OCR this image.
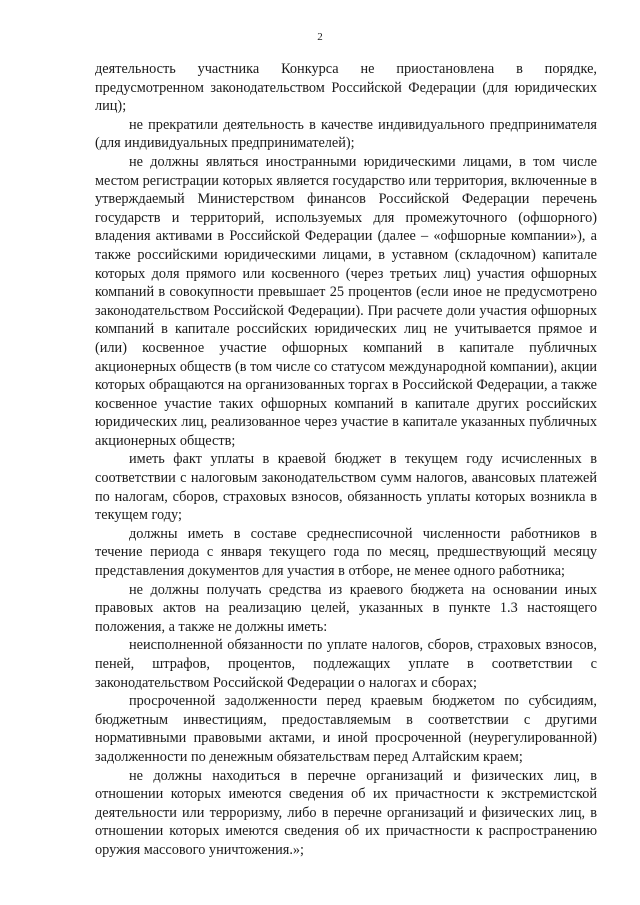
2

деятельность участника Конкурса не приостановлена в порядке, предусмотренном законодательством Российской Федерации (для юридических лиц);

не прекратили деятельность в качестве индивидуального предпринимателя (для индивидуальных предпринимателей);

не должны являться иностранными юридическими лицами, в том числе местом регистрации которых является государство или территория, включенные в утверждаемый Министерством финансов Российской Федерации перечень государств и территорий, используемых для промежуточного (офшорного) владения активами в Российской Федерации (далее – «офшорные компании»), а также российскими юридическими лицами, в уставном (складочном) капитале которых доля прямого или косвенного (через третьих лиц) участия офшорных компаний в совокупности превышает 25 процентов (если иное не предусмотрено законодательством Российской Федерации). При расчете доли участия офшорных компаний в капитале российских юридических лиц не учитывается прямое и (или) косвенное участие офшорных компаний в капитале публичных акционерных обществ (в том числе со статусом международной компании), акции которых обращаются на организованных торгах в Российской Федерации, а также косвенное участие таких офшорных компаний в капитале других российских юридических лиц, реализованное через участие в капитале указанных публичных акционерных обществ;

иметь факт уплаты в краевой бюджет в текущем году исчисленных в соответствии с налоговым законодательством сумм налогов, авансовых платежей по налогам, сборов, страховых взносов, обязанность уплаты которых возникла в текущем году;

должны иметь в составе среднесписочной численности работников в течение периода с января текущего года по месяц, предшествующий месяцу представления документов для участия в отборе, не менее одного работника;

не должны получать средства из краевого бюджета на основании иных правовых актов на реализацию целей, указанных в пункте 1.3 настоящего положения, а также не должны иметь:

неисполненной обязанности по уплате налогов, сборов, страховых взносов, пеней, штрафов, процентов, подлежащих уплате в соответствии с законодательством Российской Федерации о налогах и сборах;

просроченной задолженности перед краевым бюджетом по субсидиям, бюджетным инвестициям, предоставляемым в соответствии с другими нормативными правовыми актами, и иной просроченной (неурегулированной) задолженности по денежным обязательствам перед Алтайским краем;

не должны находиться в перечне организаций и физических лиц, в отношении которых имеются сведения об их причастности к экстремистской деятельности или терроризму, либо в перечне организаций и физических лиц, в отношении которых имеются сведения об их причастности к распространению оружия массового уничтожения.»;
